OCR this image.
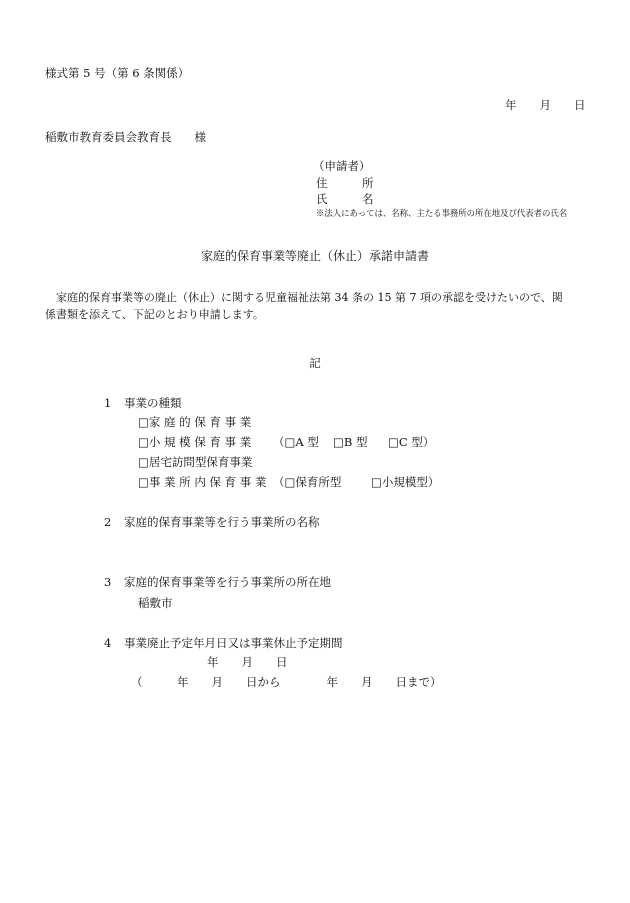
様式第 5 号（第 6 条関係）
年　　月　　日
稲敷市教育委員会教育長　　様
（申請者）
住　　　所
氏　　　名
※法人にあっては、名称、主たる事務所の所在地及び代表者の氏名
家庭的保育事業等廃止（休止）承諾申請書
　家庭的保育事業等の廃止（休止）に関する児童福祉法第 34 条の 15 第 7 項の承認を受けたいので、関
係書類を添えて、下記のとおり申請します。
記
1 事業の種類
□家 庭 的 保 育 事 業
□小 規 模 保 育 事 業 （□A 型 □B 型 □C 型）
□居宅訪問型保育事業
□事 業 所 内 保 育 事 業 （□保育所型	□小規模型）
2 家庭的保育事業等を行う事業所の名称
3 家庭的保育事業等を行う事業所の所在地
稲敷市
4 事業廃止予定年月日又は事業休止予定期間
年　　月　　日
（　　　年　　月　　日から　　　　年　　月　　日まで）
